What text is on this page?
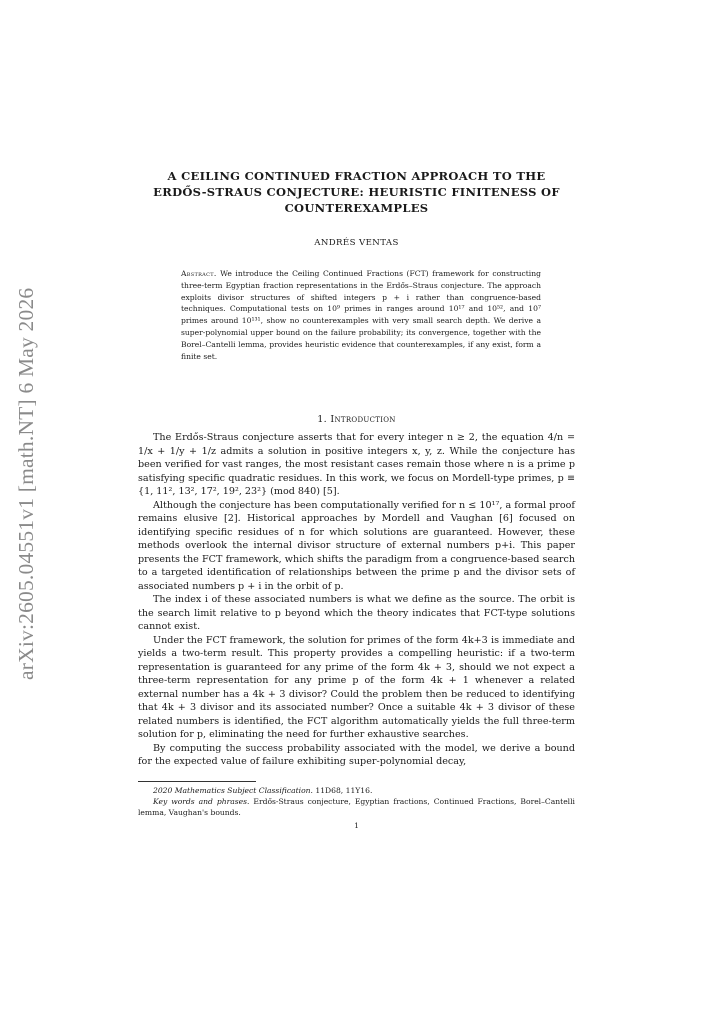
arXiv:2605.04551v1 [math.NT] 6 May 2026
A CEILING CONTINUED FRACTION APPROACH TO THE
ERDŐS-STRAUS CONJECTURE: HEURISTIC FINITENESS OF
COUNTEREXAMPLES
ANDRÉS VENTAS
Abstract. We introduce the Ceiling Continued Fractions (FCT) framework for constructing three-term Egyptian fraction representations in the Erdős–Straus conjecture. The approach exploits divisor structures of shifted integers p + i rather than congruence-based techniques. Computational tests on 10⁹ primes in ranges around 10¹⁷ and 10⁵², and 10⁷ primes around 10¹³¹, show no counterexamples with very small search depth. We derive a super-polynomial upper bound on the failure probability; its convergence, together with the Borel–Cantelli lemma, provides heuristic evidence that counterexamples, if any exist, form a finite set.
1. Introduction

The Erdős-Straus conjecture asserts that for every integer n ≥ 2, the equation 4/n = 1/x + 1/y + 1/z admits a solution in positive integers x, y, z. While the conjecture has been verified for vast ranges, the most resistant cases remain those where n is a prime p satisfying specific quadratic residues. In this work, we focus on Mordell-type primes, p ≡ {1, 11², 13², 17², 19², 23²} (mod 840) [5].

Although the conjecture has been computationally verified for n ≤ 10¹⁷, a formal proof remains elusive [2]. Historical approaches by Mordell and Vaughan [6] focused on identifying specific residues of n for which solutions are guaranteed. However, these methods overlook the internal divisor structure of external numbers p+i. This paper presents the FCT framework, which shifts the paradigm from a congruence-based search to a targeted identification of relationships between the prime p and the divisor sets of associated numbers p + i in the orbit of p.

The index i of these associated numbers is what we define as the source. The orbit is the search limit relative to p beyond which the theory indicates that FCT-type solutions cannot exist.

Under the FCT framework, the solution for primes of the form 4k+3 is immediate and yields a two-term result. This property provides a compelling heuristic: if a two-term representation is guaranteed for any prime of the form 4k + 3, should we not expect a three-term representation for any prime p of the form 4k + 1 whenever a related external number has a 4k + 3 divisor? Could the problem then be reduced to identifying that 4k + 3 divisor and its associated number? Once a suitable 4k + 3 divisor of these related numbers is identified, the FCT algorithm automatically yields the full three-term solution for p, eliminating the need for further exhaustive searches.

By computing the success probability associated with the model, we derive a bound for the expected value of failure exhibiting super-polynomial decay,

2020 Mathematics Subject Classification. 11D68, 11Y16.

Key words and phrases. Erdős-Straus conjecture, Egyptian fractions, Continued Fractions, Borel–Cantelli lemma, Vaughan's bounds.

1
